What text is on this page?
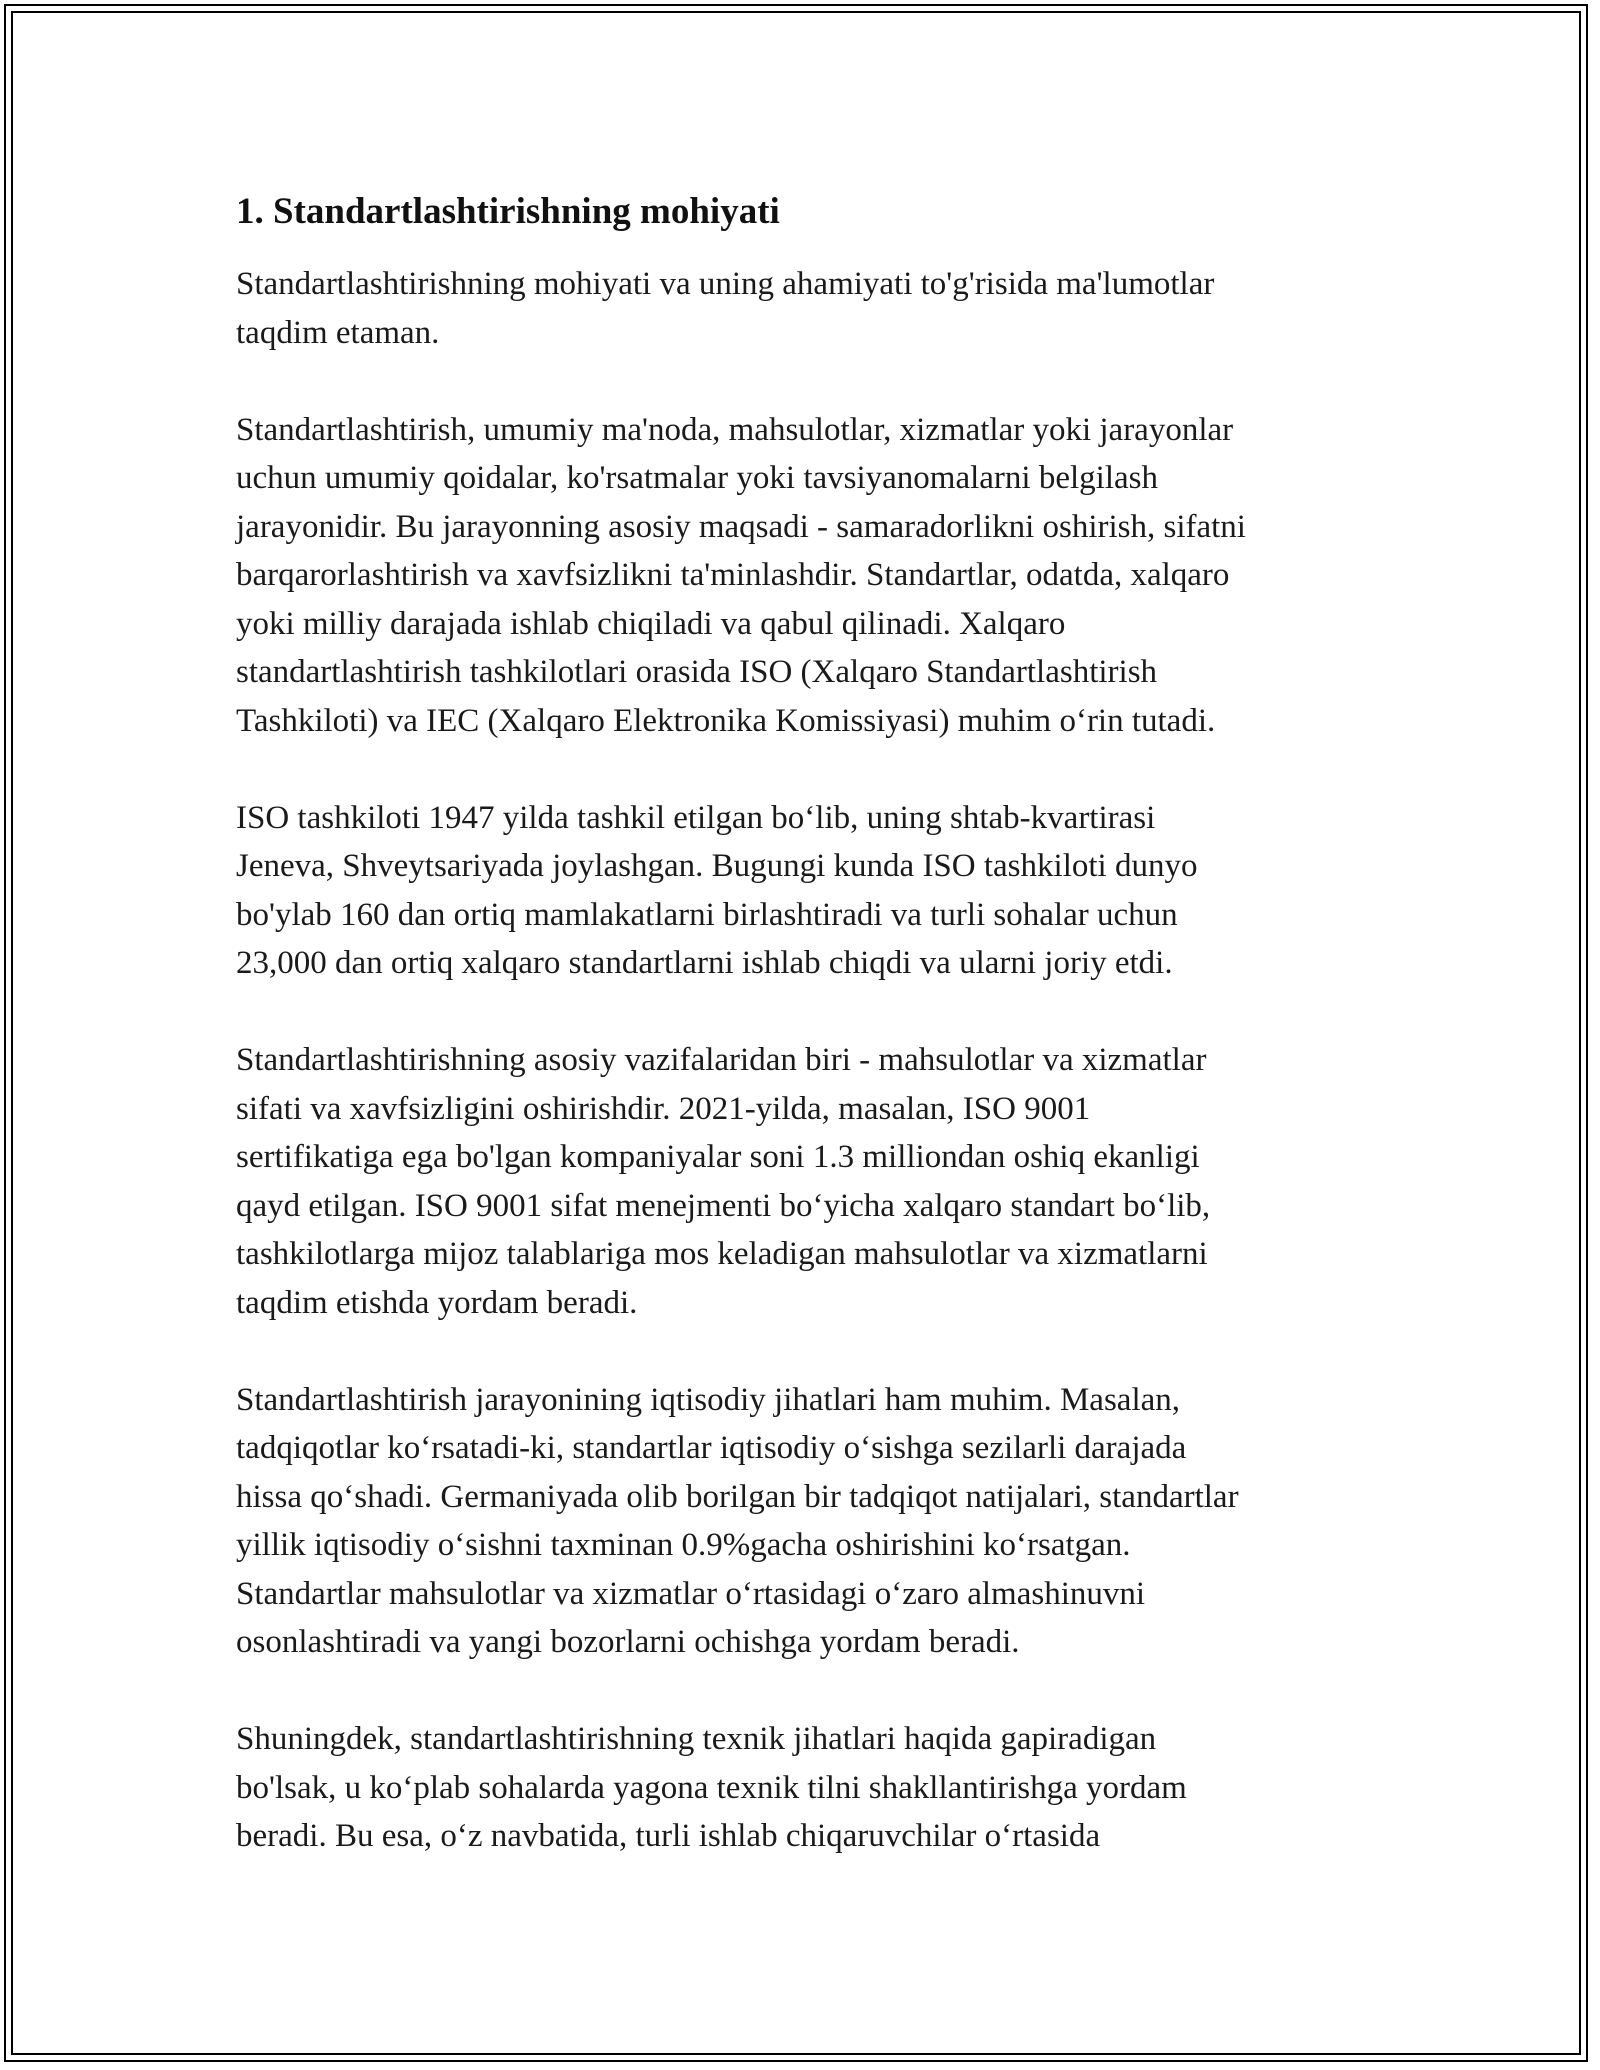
1. Standartlashtirishning mohiyati

Standartlashtirishning mohiyati va uning ahamiyati to'g'risida ma'lumotlar
taqdim etaman.

Standartlashtirish, umumiy ma'noda, mahsulotlar, xizmatlar yoki jarayonlar
uchun umumiy qoidalar, ko'rsatmalar yoki tavsiyanomalarni belgilash
jarayonidir. Bu jarayonning asosiy maqsadi - samaradorlikni oshirish, sifatni
barqarorlashtirish va xavfsizlikni ta'minlashdir. Standartlar, odatda, xalqaro
yoki milliy darajada ishlab chiqiladi va qabul qilinadi. Xalqaro
standartlashtirish tashkilotlari orasida ISO (Xalqaro Standartlashtirish
Tashkiloti) va IEC (Xalqaro Elektronika Komissiyasi) muhim o‘rin tutadi.

ISO tashkiloti 1947 yilda tashkil etilgan bo‘lib, uning shtab-kvartirasi
Jeneva, Shveytsariyada joylashgan. Bugungi kunda ISO tashkiloti dunyo
bo'ylab 160 dan ortiq mamlakatlarni birlashtiradi va turli sohalar uchun
23,000 dan ortiq xalqaro standartlarni ishlab chiqdi va ularni joriy etdi.

Standartlashtirishning asosiy vazifalaridan biri - mahsulotlar va xizmatlar
sifati va xavfsizligini oshirishdir. 2021-yilda, masalan, ISO 9001
sertifikatiga ega bo'lgan kompaniyalar soni 1.3 milliondan oshiq ekanligi
qayd etilgan. ISO 9001 sifat menejmenti bo‘yicha xalqaro standart bo‘lib,
tashkilotlarga mijoz talablariga mos keladigan mahsulotlar va xizmatlarni
taqdim etishda yordam beradi.

Standartlashtirish jarayonining iqtisodiy jihatlari ham muhim. Masalan,
tadqiqotlar ko‘rsatadi-ki, standartlar iqtisodiy o‘sishga sezilarli darajada
hissa qo‘shadi. Germaniyada olib borilgan bir tadqiqot natijalari, standartlar
yillik iqtisodiy o‘sishni taxminan 0.9%gacha oshirishini ko‘rsatgan.
Standartlar mahsulotlar va xizmatlar o‘rtasidagi o‘zaro almashinuvni
osonlashtiradi va yangi bozorlarni ochishga yordam beradi.

Shuningdek, standartlashtirishning texnik jihatlari haqida gapiradigan
bo'lsak, u ko‘plab sohalarda yagona texnik tilni shakllantirishga yordam
beradi. Bu esa, o‘z navbatida, turli ishlab chiqaruvchilar o‘rtasida
